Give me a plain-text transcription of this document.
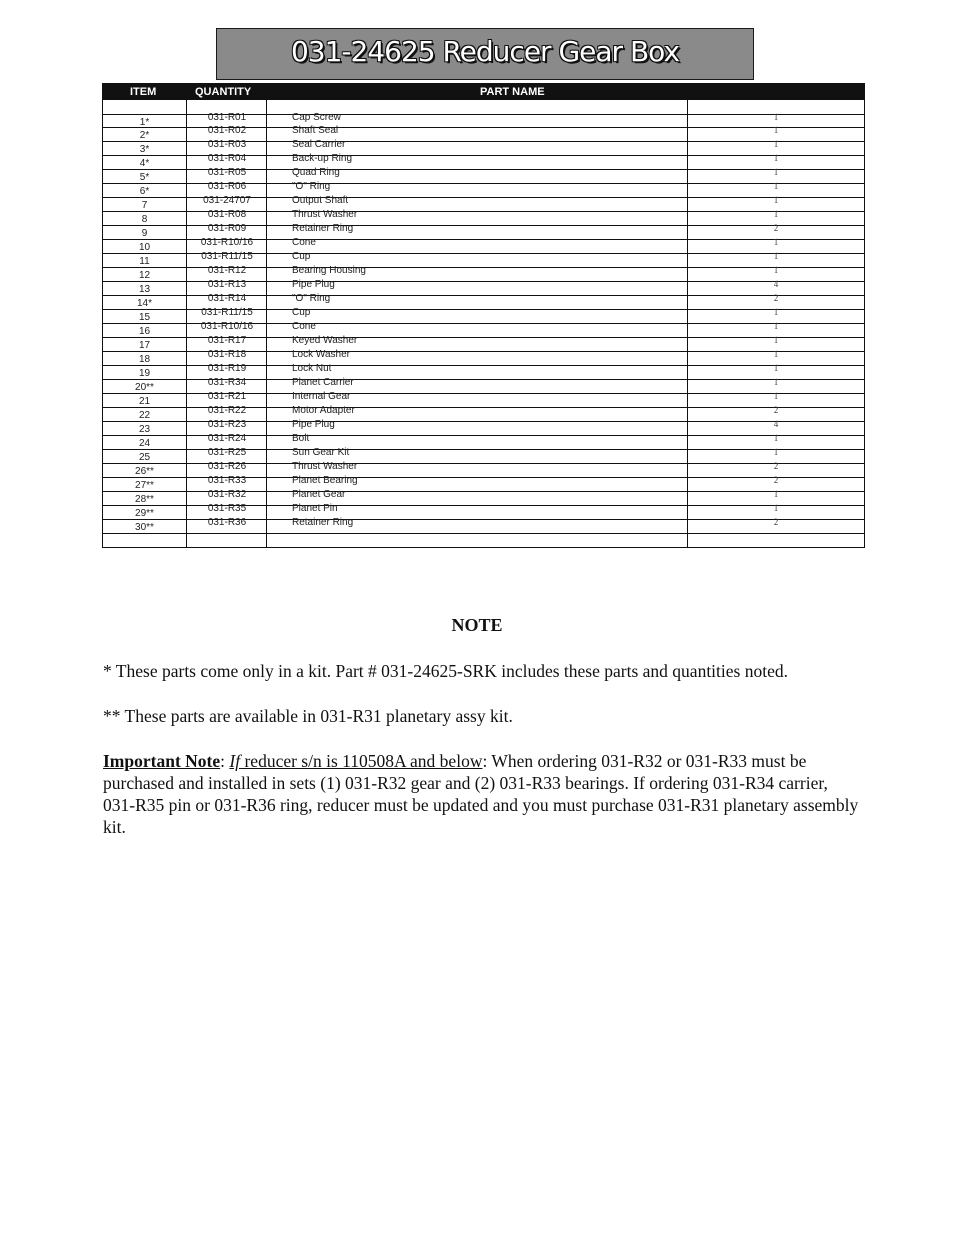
031-24625 Reducer Gear Box
ITEM	QUANTITY	PART NAME
1*	031-R01	Cap Screw	1
2*	031-R02	Shaft Seal	1
3*	031-R03	Seal Carrier	1
4*	031-R04	Back-up Ring	1
5*	031-R05	Quad Ring	1
6*	031-R06	"O" Ring	1
7	031-24707	Output Shaft	1
8	031-R08	Thrust Washer	1
9	031-R09	Retainer Ring	2
10	031-R10/16	Cone	1
11	031-R11/15	Cup	1
12	031-R12	Bearing Housing	1
13	031-R13	Pipe Plug	4
14*	031-R14	"O" Ring	2
15	031-R11/15	Cup	1
16	031-R10/16	Cone	1
17	031-R17	Keyed Washer	1
18	031-R18	Lock Washer	1
19	031-R19	Lock Nut	1
20**	031-R34	Planet Carrier	1
21	031-R21	Internal Gear	1
22	031-R22	Motor Adapter	2
23	031-R23	Pipe Plug	4
24	031-R24	Bolt	1
25	031-R25	Sun Gear Kit	1
26**	031-R26	Thrust Washer	2
27**	031-R33	Planet Bearing	2
28**	031-R32	Planet Gear	1
29**	031-R35	Planet Pin	1
30**	031-R36	Retainer Ring	2
NOTE
* These parts come only in a kit. Part # 031-24625-SRK includes these parts and quantities noted.
** These parts are available in 031-R31 planetary assy kit.
Important Note: If reducer s/n is 110508A and below: When ordering 031-R32 or 031-R33 must be purchased and installed in sets (1) 031-R32 gear and (2) 031-R33 bearings. If ordering 031-R34 carrier, 031-R35 pin or 031-R36 ring, reducer must be updated and you must purchase 031-R31 planetary assembly kit.
